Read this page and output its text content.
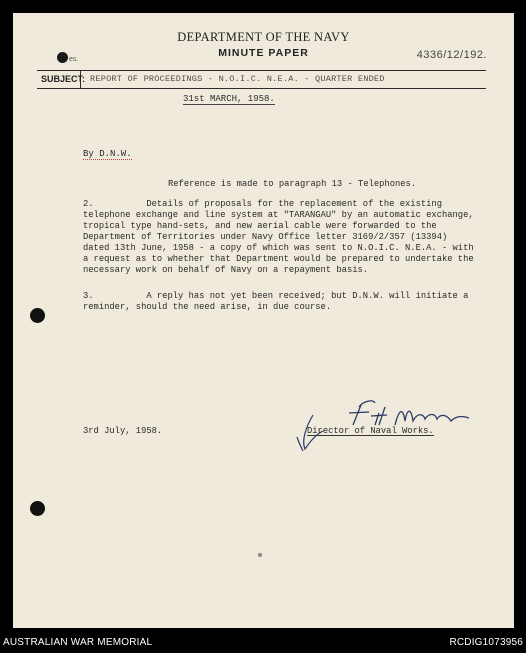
DEPARTMENT OF THE NAVY
MINUTE PAPER	4336/12/192.
es.
SUBJECT: REPORT OF PROCEEDINGS - N.O.I.C. N.E.A. - QUARTER ENDED
31st MARCH, 1958.
By D.N.W.
Reference is made to paragraph 13 - Telephones.

2.          Details of proposals for the replacement of the existing telephone exchange and line system at "TARANGAU" by an automatic exchange, tropical type hand-sets, and new aerial cable were forwarded to the Department of Territories under Navy Office letter 3169/2/357 (13394) dated 13th June, 1958 - a copy of which was sent to N.O.I.C. N.E.A. - with a request as to whether that Department would be prepared to undertake the necessary work on behalf of Navy on a repayment basis.

3.          A reply has not yet been received; but D.N.W. will initiate a reminder, should the need arise, in due course.

3rd July, 1958.	Director of Naval Works.
AUSTRALIAN WAR MEMORIAL	RCDIG1073956
